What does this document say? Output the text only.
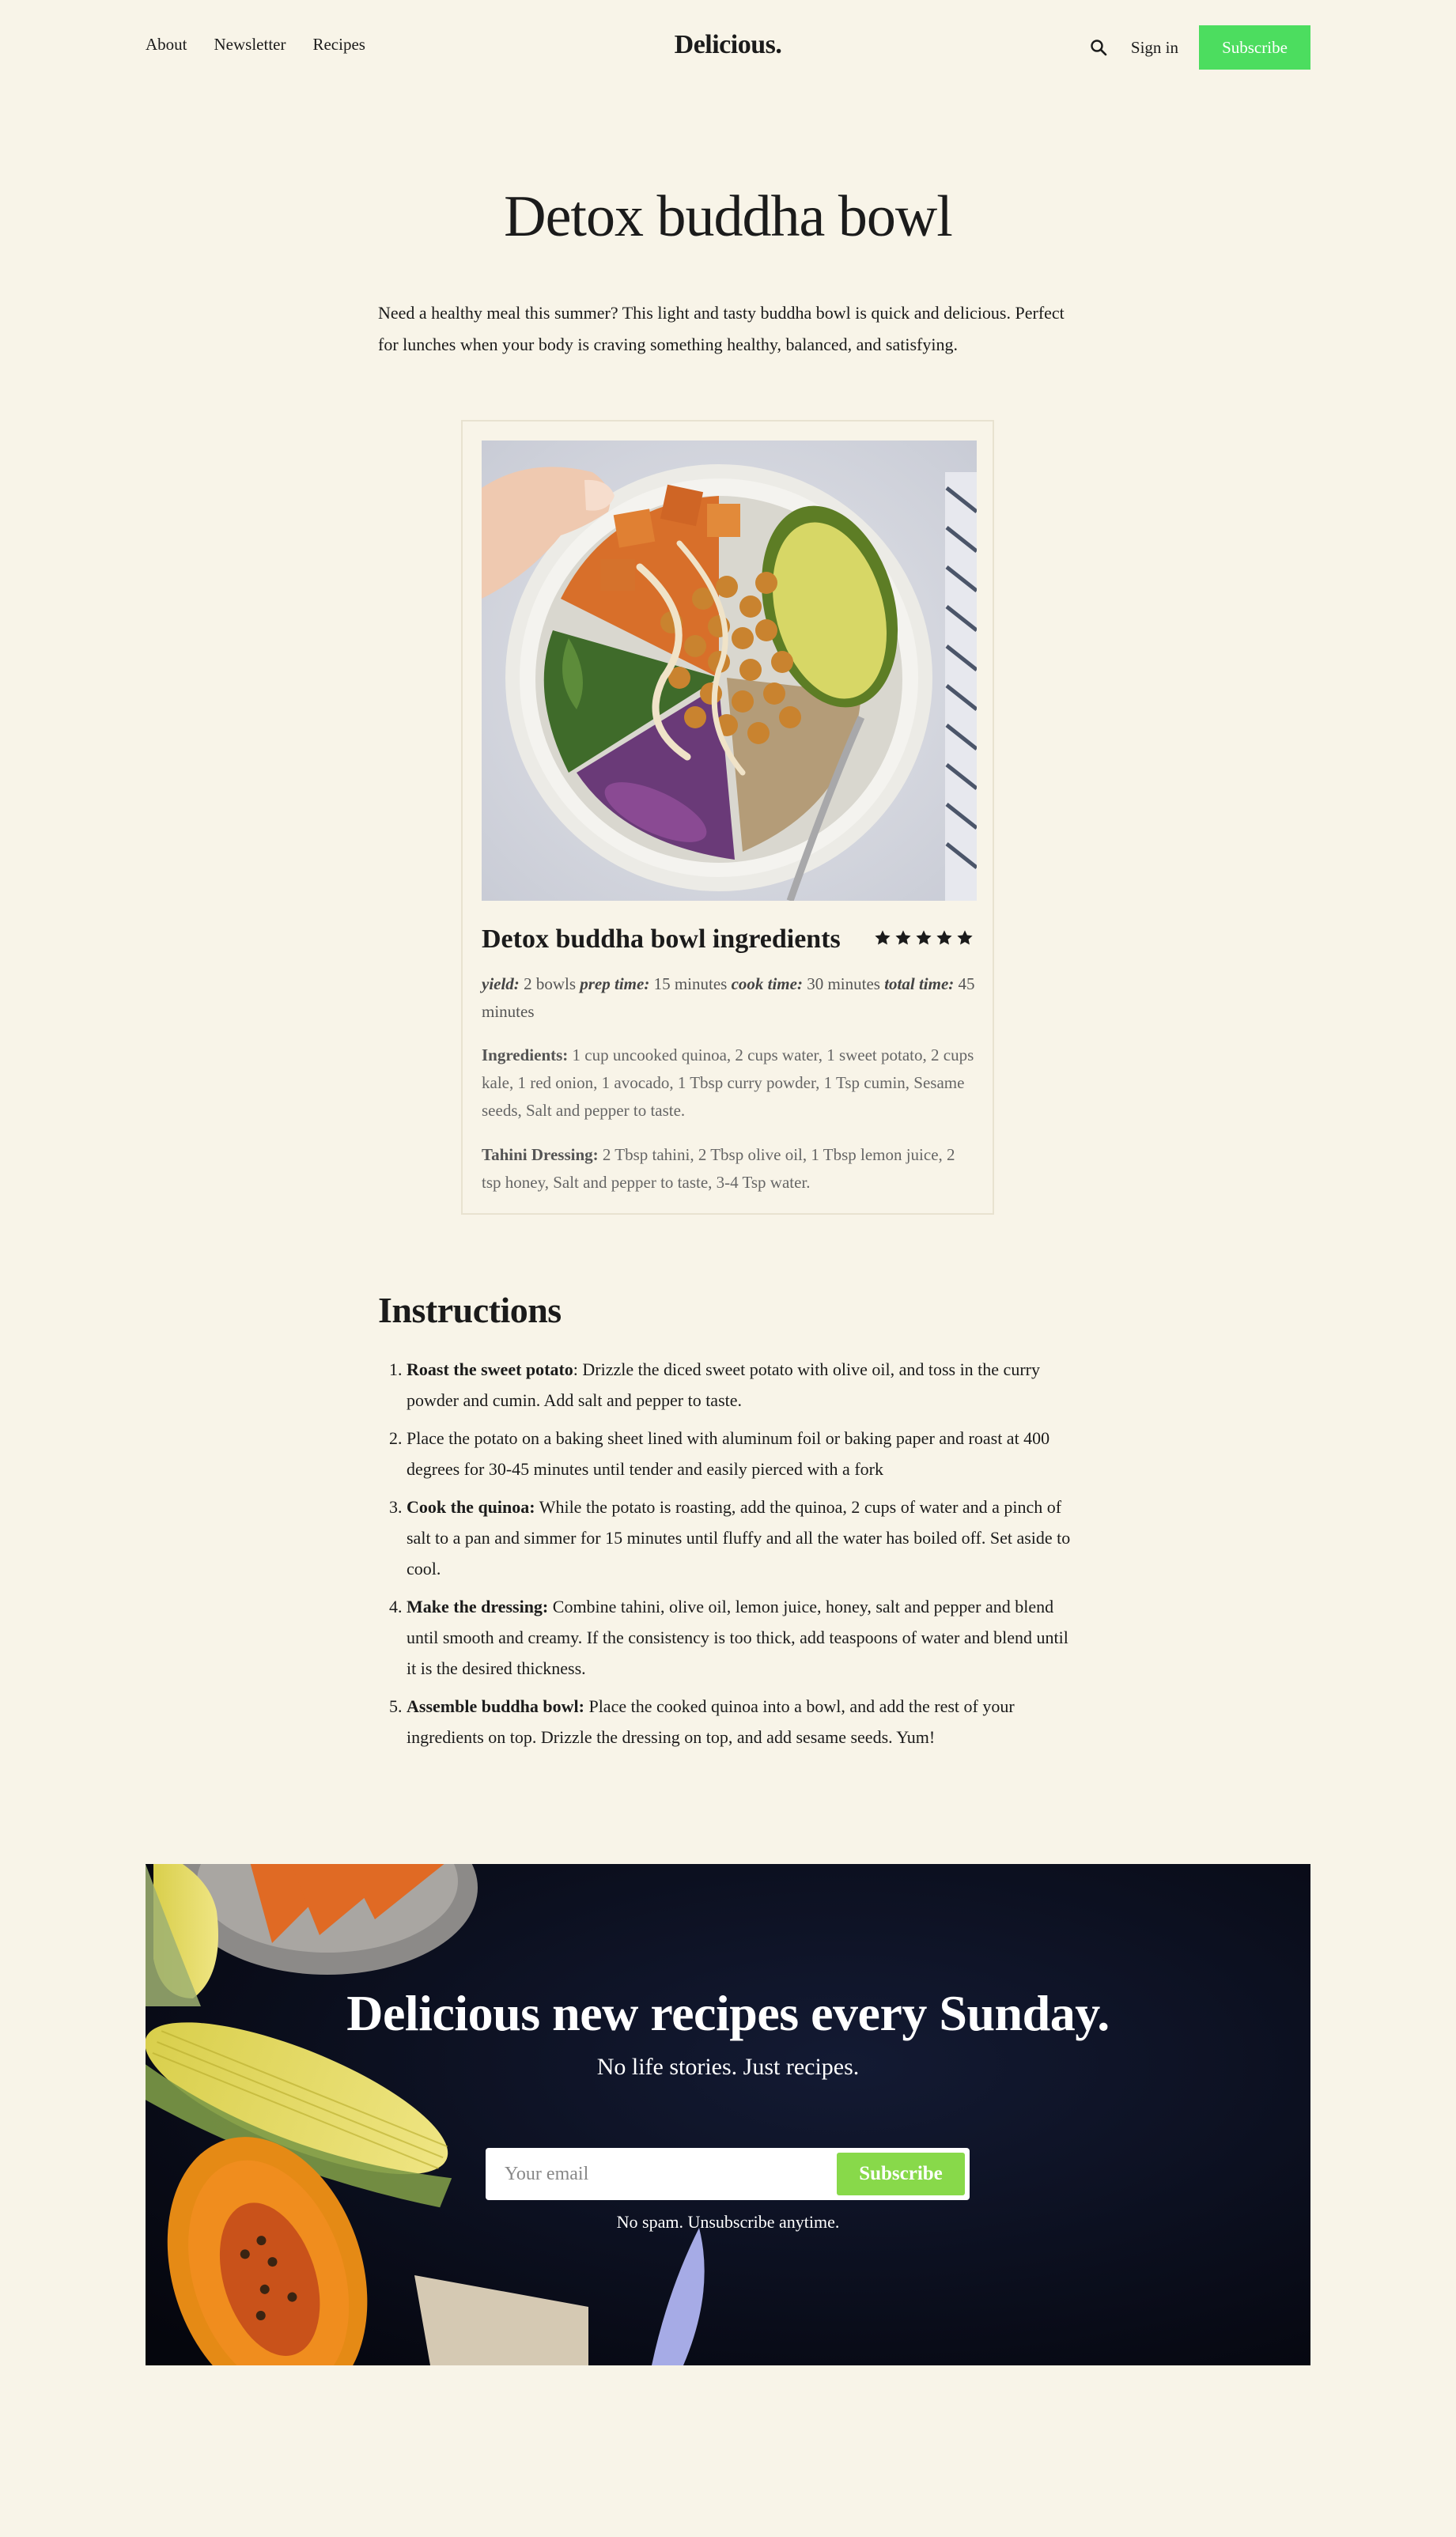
About Newsletter Recipes	Delicious.	Sign in	Subscribe
Detox buddha bowl

Need a healthy meal this summer? This light and tasty buddha bowl is quick and delicious. Perfect for lunches when your body is craving something healthy, balanced, and satisfying.

Detox buddha bowl ingredients

yield: 2 bowls prep time: 15 minutes cook time: 30 minutes total time: 45 minutes

Ingredients: 1 cup uncooked quinoa, 2 cups water, 1 sweet potato, 2 cups kale, 1 red onion, 1 avocado, 1 Tbsp curry powder, 1 Tsp cumin, Sesame seeds, Salt and pepper to taste.

Tahini Dressing: 2 Tbsp tahini, 2 Tbsp olive oil, 1 Tbsp lemon juice, 2 tsp honey, Salt and pepper to taste, 3-4 Tsp water.

Instructions
1. Roast the sweet potato: Drizzle the diced sweet potato with olive oil, and toss in the curry powder and cumin. Add salt and pepper to taste.
2. Place the potato on a baking sheet lined with aluminum foil or baking paper and roast at 400 degrees for 30-45 minutes until tender and easily pierced with a fork
3. Cook the quinoa: While the potato is roasting, add the quinoa, 2 cups of water and a pinch of salt to a pan and simmer for 15 minutes until fluffy and all the water has boiled off. Set aside to cool.
4. Make the dressing: Combine tahini, olive oil, lemon juice, honey, salt and pepper and blend until smooth and creamy. If the consistency is too thick, add teaspoons of water and blend until it is the desired thickness.
5. Assemble buddha bowl: Place the cooked quinoa into a bowl, and add the rest of your ingredients on top. Drizzle the dressing on top, and add sesame seeds. Yum!
Delicious new recipes every Sunday.

No life stories. Just recipes.

Your email
Subscribe

No spam. Unsubscribe anytime.
